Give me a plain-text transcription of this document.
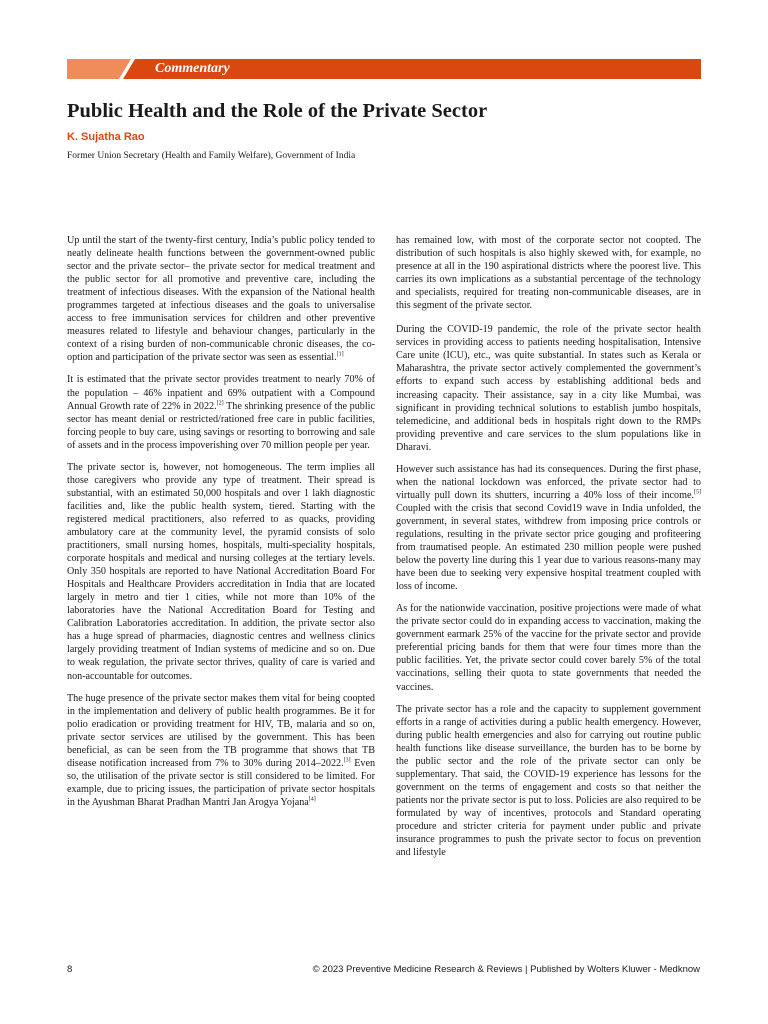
Commentary
Public Health and the Role of the Private Sector
K. Sujatha Rao
Former Union Secretary (Health and Family Welfare), Government of India

Up until the start of the twenty-first century, India’s public policy tended to neatly delineate health functions between the government-owned public sector and the private sector– the private sector for medical treatment and the public sector for all promotive and preventive care, including the treatment of infectious diseases. With the expansion of the National health programmes targeted at infectious diseases and the goals to universalise access to free immunisation services for children and other preventive measures related to lifestyle and behaviour changes, particularly in the context of a rising burden of non-communicable chronic diseases, the co-option and participation of the private sector was seen as essential.[1]

It is estimated that the private sector provides treatment to nearly 70% of the population – 46% inpatient and 69% outpatient with a Compound Annual Growth rate of 22% in 2022.[2] The shrinking presence of the public sector has meant denial or restricted/rationed free care in public facilities, forcing people to buy care, using savings or resorting to borrowing and sale of assets and in the process impoverishing over 70 million people per year.

The private sector is, however, not homogeneous. The term implies all those caregivers who provide any type of treatment. Their spread is substantial, with an estimated 50,000 hospitals and over 1 lakh diagnostic facilities and, like the public health system, tiered. Starting with the registered medical practitioners, also referred to as quacks, providing ambulatory care at the community level, the pyramid consists of solo practitioners, small nursing homes, hospitals, multi-speciality hospitals, corporate hospitals and medical and nursing colleges at the tertiary levels. Only 350 hospitals are reported to have National Accreditation Board For Hospitals and Healthcare Providers accreditation in India that are located largely in metro and tier 1 cities, while not more than 10% of the laboratories have the National Accreditation Board for Testing and Calibration Laboratories accreditation. In addition, the private sector also has a huge spread of pharmacies, diagnostic centres and wellness clinics largely providing treatment of Indian systems of medicine and so on. Due to weak regulation, the private sector thrives, quality of care is varied and non-accountable for outcomes.

The huge presence of the private sector makes them vital for being coopted in the implementation and delivery of public health programmes. Be it for polio eradication or providing treatment for HIV, TB, malaria and so on, private sector services are utilised by the government. This has been beneficial, as can be seen from the TB programme that shows that TB disease notification increased from 7% to 30% during 2014–2022.[3] Even so, the utilisation of the private sector is still considered to be limited. For example, due to pricing issues, the participation of private sector hospitals in the Ayushman Bharat Pradhan Mantri Jan Arogya Yojana[4]

has remained low, with most of the corporate sector not coopted. The distribution of such hospitals is also highly skewed with, for example, no presence at all in the 190 aspirational districts where the poorest live. This carries its own implications as a substantial percentage of the technology and specialists, required for treating non-communicable diseases, are in this segment of the private sector.

During the COVID-19 pandemic, the role of the private sector health services in providing access to patients needing hospitalisation, Intensive Care unite (ICU), etc., was quite substantial. In states such as Kerala or Maharashtra, the private sector actively complemented the government’s efforts to expand such access by establishing additional beds and increasing capacity. Their assistance, say in a city like Mumbai, was significant in providing technical solutions to establish jumbo hospitals, telemedicine, and additional beds in hospitals right down to the RMPs providing preventive and care services to the slum populations like in Dharavi.

However such assistance has had its consequences. During the first phase, when the national lockdown was enforced, the private sector had to virtually pull down its shutters, incurring a 40% loss of their income.[5] Coupled with the crisis that second Covid19 wave in India unfolded, the government, in several states, withdrew from imposing price controls or regulations, resulting in the private sector price gouging and profiteering from traumatised people. An estimated 230 million people were pushed below the poverty line during this 1 year due to various reasons-many may have been due to seeking very expensive hospital treatment coupled with loss of income.

As for the nationwide vaccination, positive projections were made of what the private sector could do in expanding access to vaccination, making the government earmark 25% of the vaccine for the private sector and provide preferential pricing bands for them that were four times more than the public facilities. Yet, the private sector could cover barely 5% of the total vaccinations, selling their quota to state governments that needed the vaccines.

The private sector has a role and the capacity to supplement government efforts in a range of activities during a public health emergency. However, during public health emergencies and also for carrying out routine public health functions like disease surveillance, the burden has to be borne by the public sector and the role of the private sector can only be supplementary. That said, the COVID-19 experience has lessons for the government on the terms of engagement and costs so that neither the patients nor the private sector is put to loss. Policies are also required to be formulated by way of incentives, protocols and Standard operating procedure and stricter criteria for payment under public and private insurance programmes to push the private sector to focus on prevention and lifestyle

8	© 2023 Preventive Medicine Research & Reviews | Published by Wolters Kluwer - Medknow
